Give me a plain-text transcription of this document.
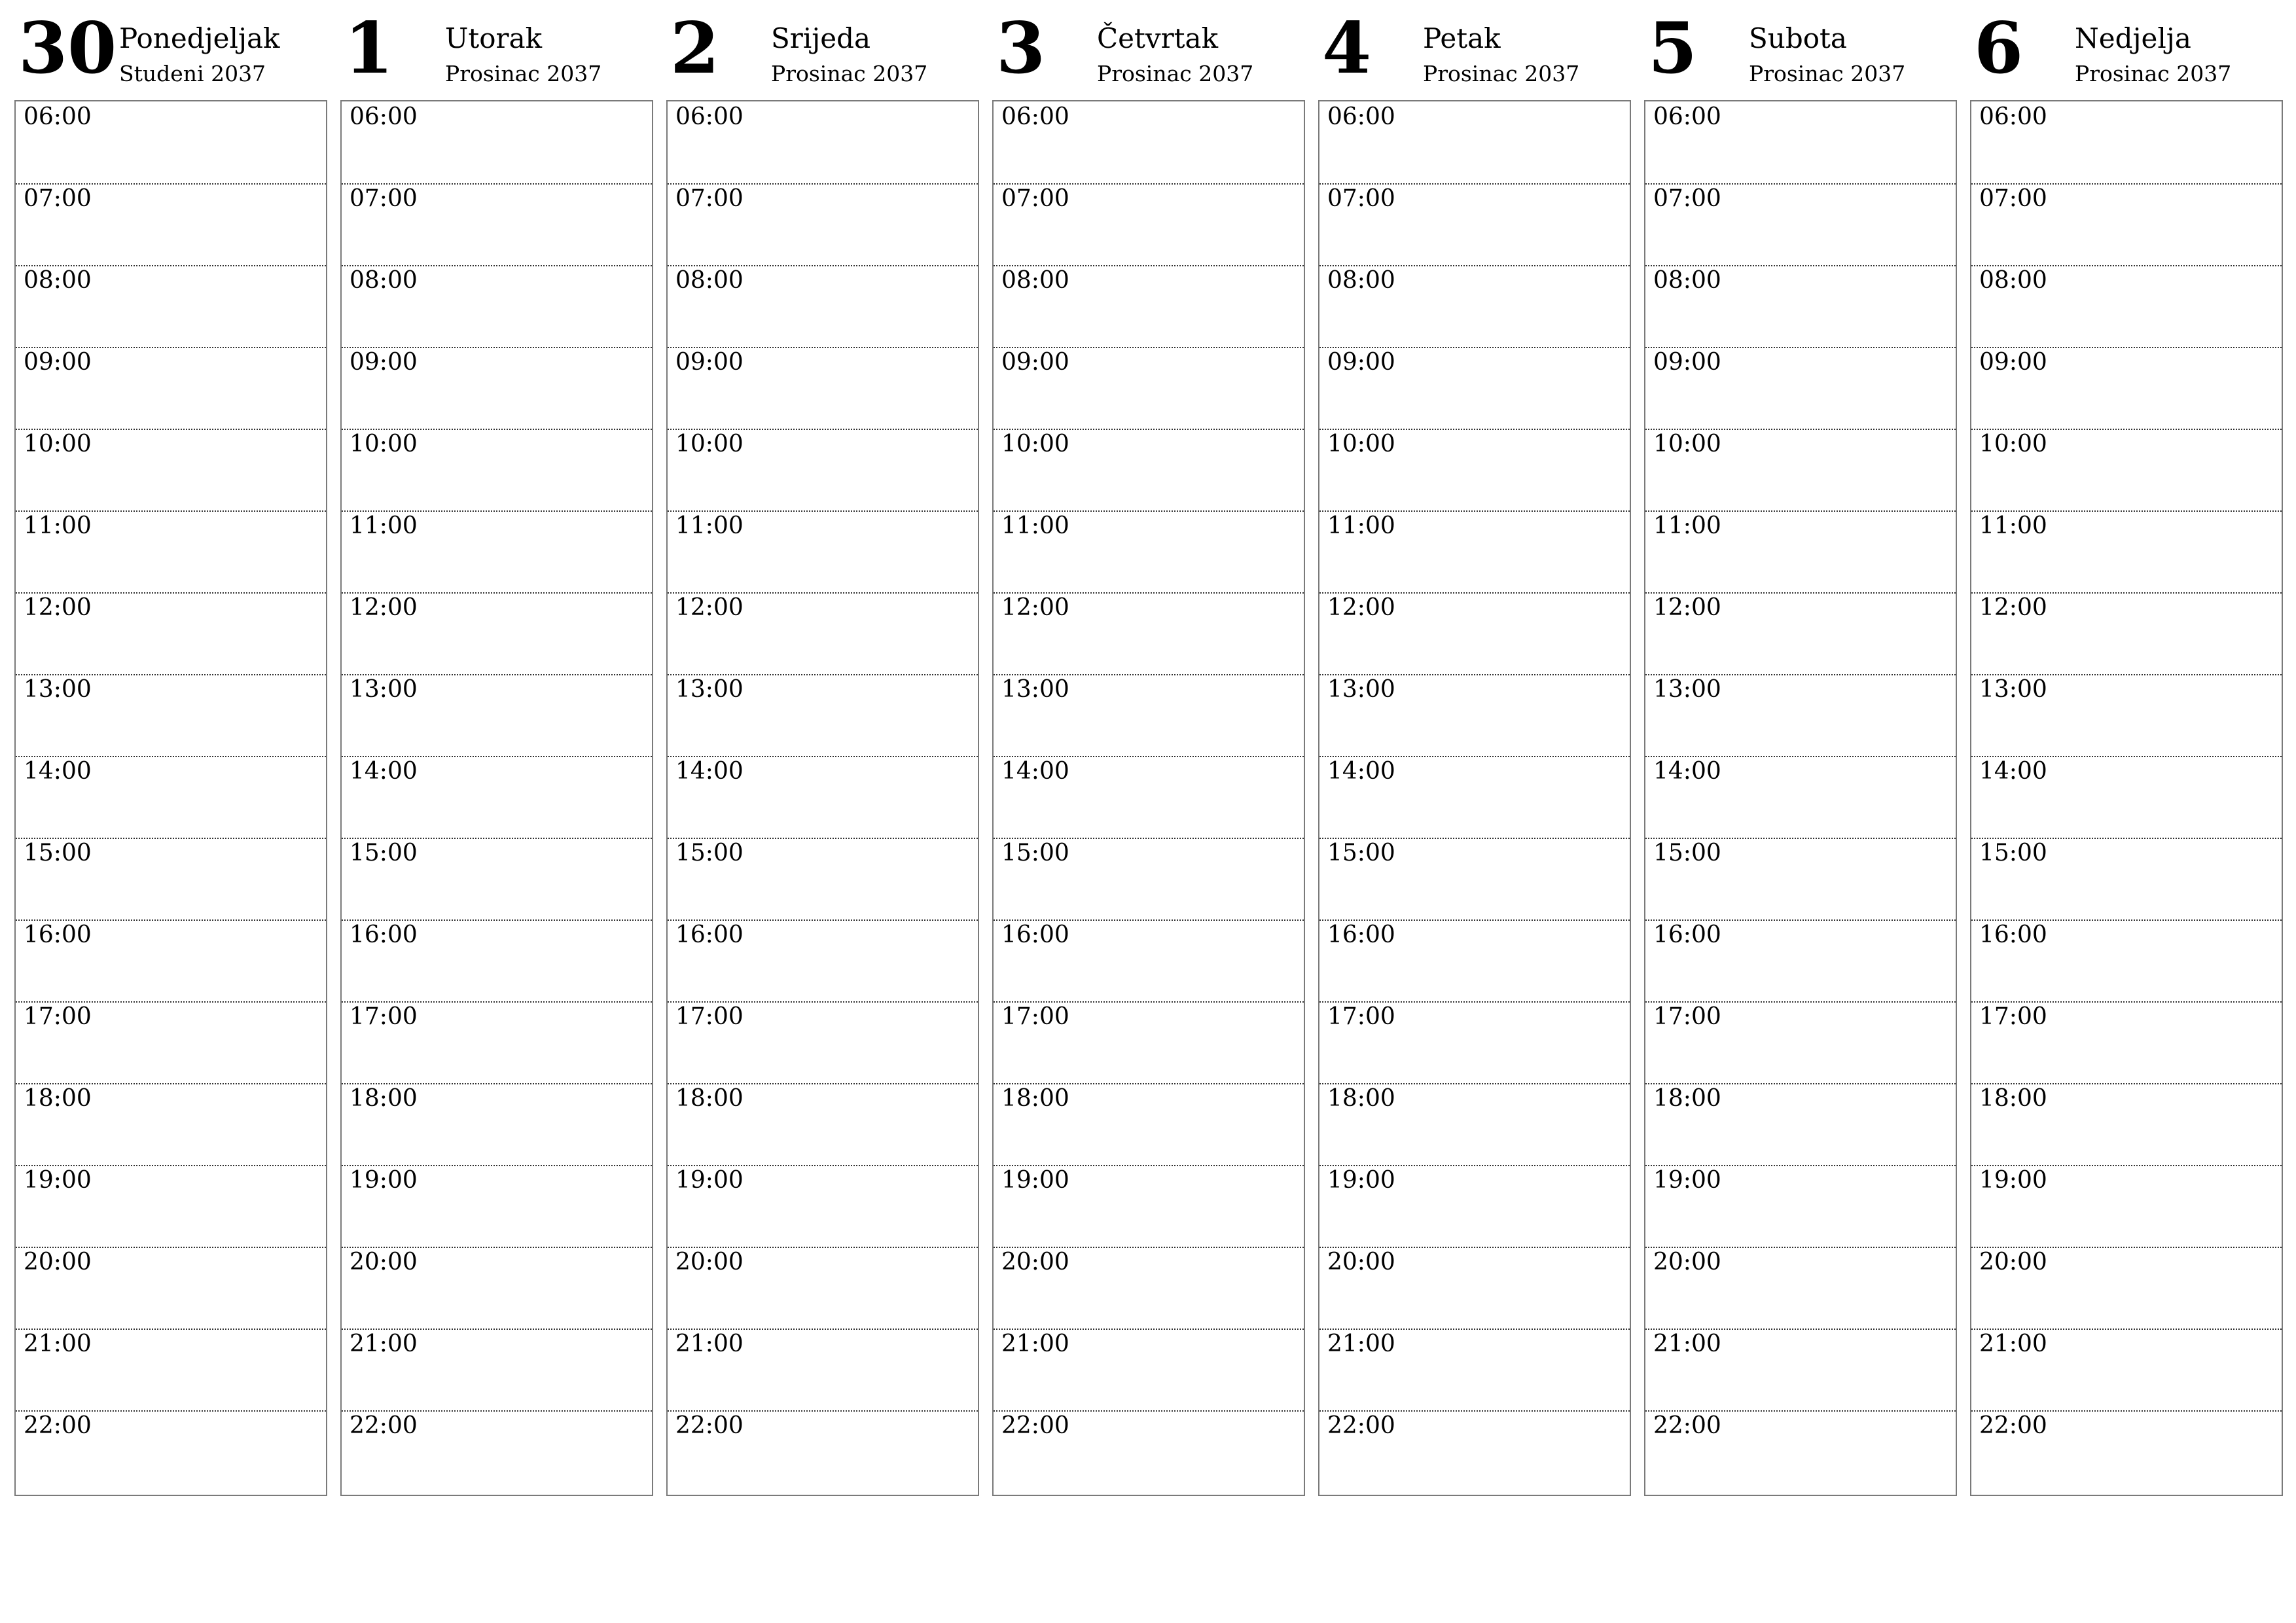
30 Ponedjeljak
Studeni 2037
06:00
07:00
08:00
09:00
10:00
11:00
12:00
13:00
14:00
15:00
16:00
17:00
18:00
19:00
20:00
21:00
22:00
1 Utorak
Prosinac 2037
06:00
07:00
08:00
09:00
10:00
11:00
12:00
13:00
14:00
15:00
16:00
17:00
18:00
19:00
20:00
21:00
22:00
2 Srijeda
Prosinac 2037
06:00
07:00
08:00
09:00
10:00
11:00
12:00
13:00
14:00
15:00
16:00
17:00
18:00
19:00
20:00
21:00
22:00
3 Četvrtak
Prosinac 2037
06:00
07:00
08:00
09:00
10:00
11:00
12:00
13:00
14:00
15:00
16:00
17:00
18:00
19:00
20:00
21:00
22:00
4 Petak
Prosinac 2037
06:00
07:00
08:00
09:00
10:00
11:00
12:00
13:00
14:00
15:00
16:00
17:00
18:00
19:00
20:00
21:00
22:00
5 Subota
Prosinac 2037
06:00
07:00
08:00
09:00
10:00
11:00
12:00
13:00
14:00
15:00
16:00
17:00
18:00
19:00
20:00
21:00
22:00
6 Nedjelja
Prosinac 2037
06:00
07:00
08:00
09:00
10:00
11:00
12:00
13:00
14:00
15:00
16:00
17:00
18:00
19:00
20:00
21:00
22:00
